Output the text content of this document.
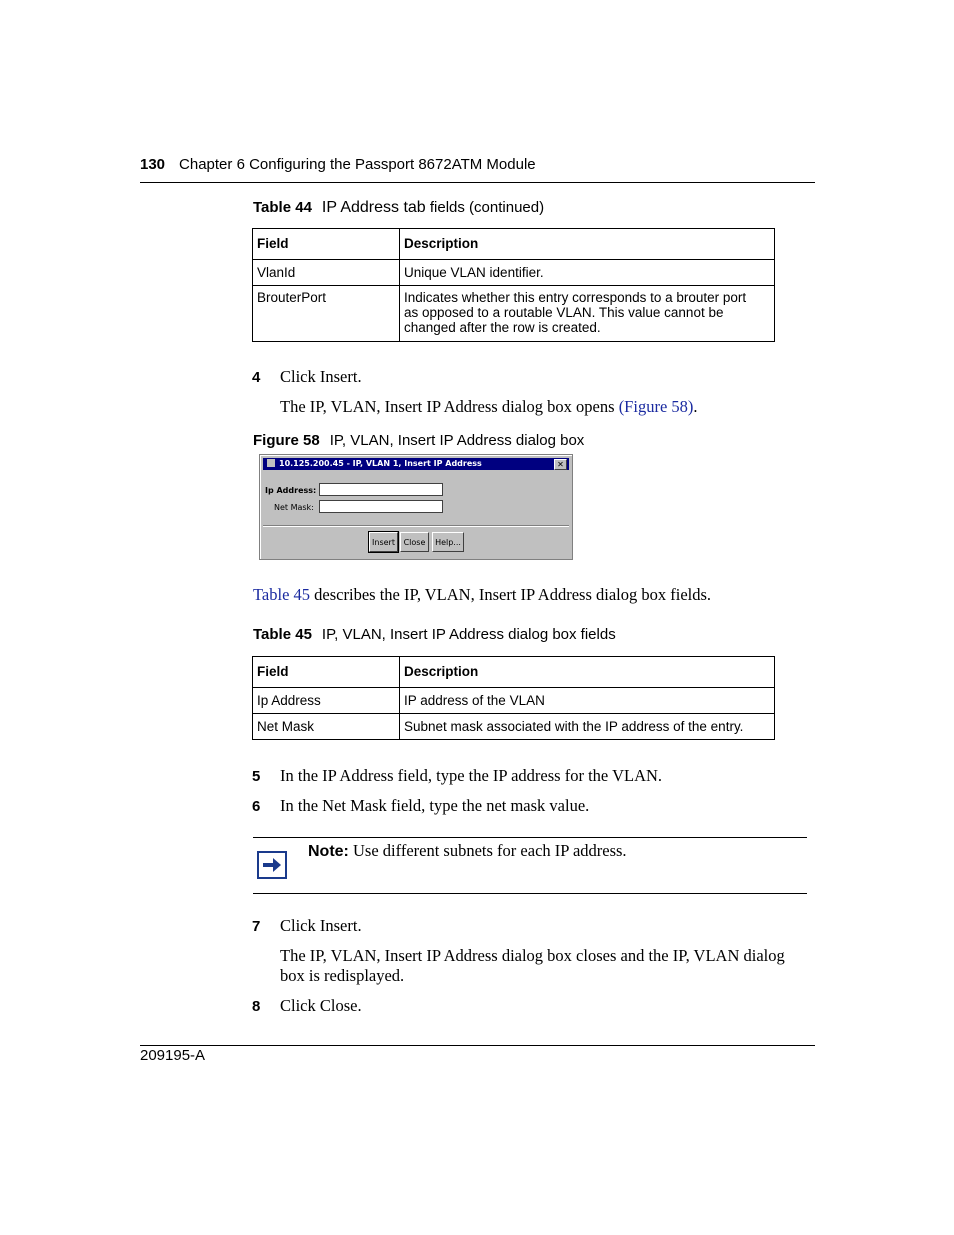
130 Chapter 6 Configuring the Passport 8672ATM Module
Table 44 IP Address tab fields (continued)
Field	Description
VlanId	Unique VLAN identifier.
BrouterPort	Indicates whether this entry corresponds to a brouter port
as opposed to a routable VLAN. This value cannot be
changed after the row is created.
4 Click Insert.
The IP, VLAN, Insert IP Address dialog box opens (Figure 58).
Figure 58 IP, VLAN, Insert IP Address dialog box
10.125.200.45 - IP, VLAN 1, Insert IP Address	✕
Ip Address:
Net Mask:
Insert	Close	Help...
Table 45 describes the IP, VLAN, Insert IP Address dialog box fields.
Table 45 IP, VLAN, Insert IP Address dialog box fields
Field	Description
Ip Address	IP address of the VLAN
Net Mask	Subnet mask associated with the IP address of the entry.
5 In the IP Address field, type the IP address for the VLAN.
6 In the Net Mask field, type the net mask value.
Note: Use different subnets for each IP address.
7 Click Insert.
The IP, VLAN, Insert IP Address dialog box closes and the IP, VLAN dialog
box is redisplayed.
8 Click Close.
209195-A
